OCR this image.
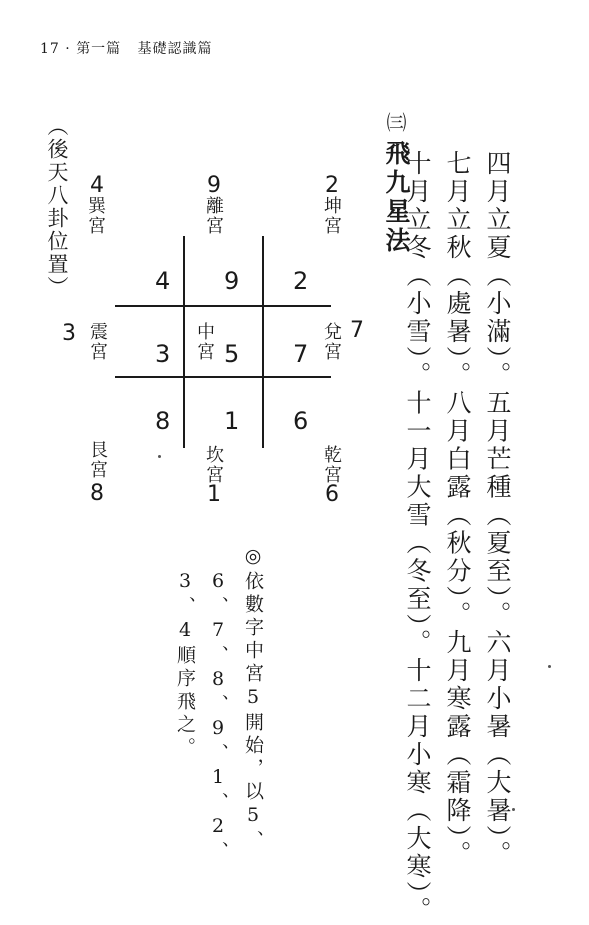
17 · 第一篇 基礎認識篇
四月立夏（小滿）。五月芒種（夏至）。六月小暑（大暑）。
七月立秋（處暑）。八月白露（秋分）。九月寒露（霜降）。
十月立冬（小雪）。十一月大雪（冬至）。十二月小寒（大寒）。
㈢
飛九星法
（後天八卦位置） 4
巽宮
9
離宮
2
坤宮
3 震宮	兌宮 7
4 9 2
3 中宮 5 7
8 1 6
艮宮
8
坎宮
1
乾宮
6
◎依數字中宮5開始，以5、
6、7、8、9、1、2、
3、4順序飛之。
